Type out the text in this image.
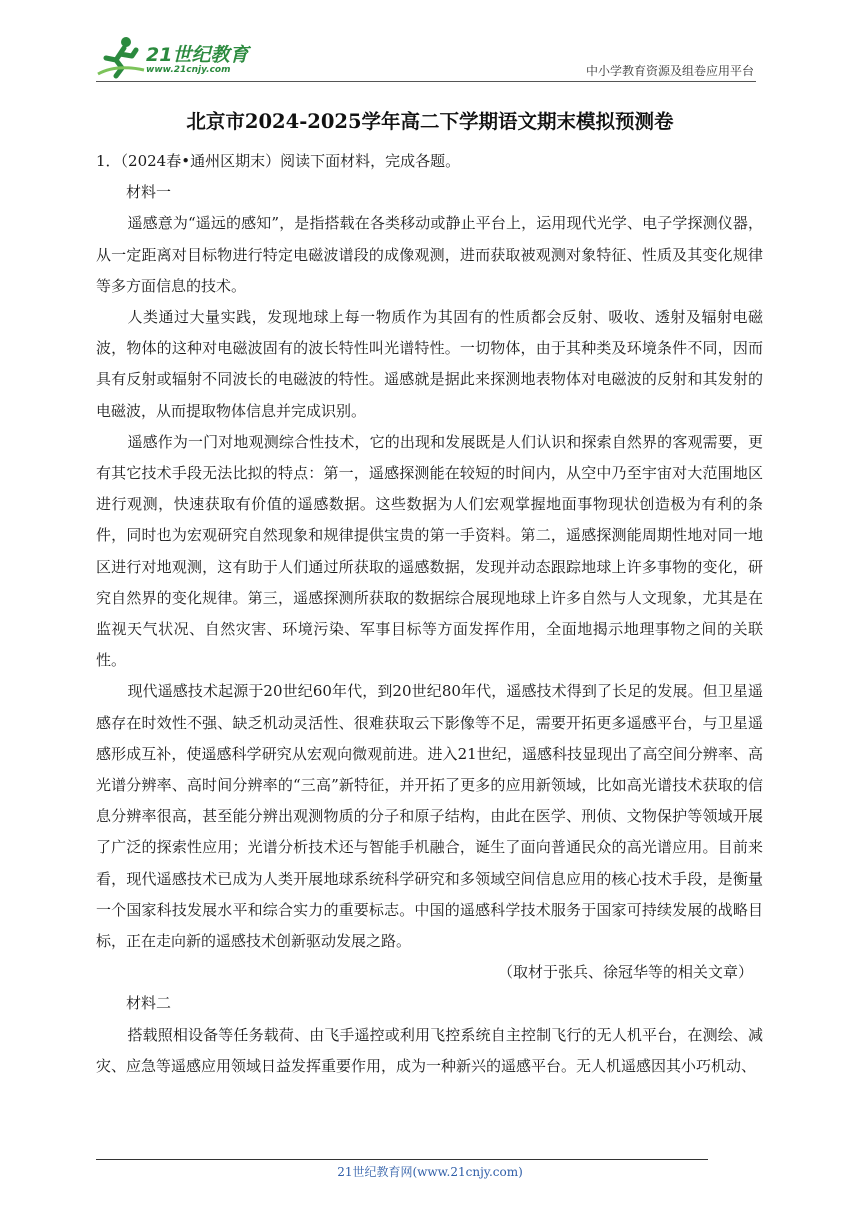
21世纪教育
www.21cnjy.com	中小学教育资源及组卷应用平台
北京市2024-2025学年高二下学期语文期末模拟预测卷

1．（2024春•通州区期末）阅读下面材料，完成各题。

材料一

遥感意为“遥远的感知”，是指搭载在各类移动或静止平台上，运用现代光学、电子学探测仪器，从一定距离对目标物进行特定电磁波谱段的成像观测，进而获取被观测对象特征、性质及其变化规律等多方面信息的技术。

人类通过大量实践，发现地球上每一物质作为其固有的性质都会反射、吸收、透射及辐射电磁波，物体的这种对电磁波固有的波长特性叫光谱特性。一切物体，由于其种类及环境条件不同，因而具有反射或辐射不同波长的电磁波的特性。遥感就是据此来探测地表物体对电磁波的反射和其发射的电磁波，从而提取物体信息并完成识别。

遥感作为一门对地观测综合性技术，它的出现和发展既是人们认识和探索自然界的客观需要，更有其它技术手段无法比拟的特点：第一，遥感探测能在较短的时间内，从空中乃至宇宙对大范围地区进行观测，快速获取有价值的遥感数据。这些数据为人们宏观掌握地面事物现状创造极为有利的条件，同时也为宏观研究自然现象和规律提供宝贵的第一手资料。第二，遥感探测能周期性地对同一地区进行对地观测，这有助于人们通过所获取的遥感数据，发现并动态跟踪地球上许多事物的变化，研究自然界的变化规律。第三，遥感探测所获取的数据综合展现地球上许多自然与人文现象，尤其是在监视天气状况、自然灾害、环境污染、军事目标等方面发挥作用，全面地揭示地理事物之间的关联性。

现代遥感技术起源于20世纪60年代，到20世纪80年代，遥感技术得到了长足的发展。但卫星遥感存在时效性不强、缺乏机动灵活性、很难获取云下影像等不足，需要开拓更多遥感平台，与卫星遥感形成互补，使遥感科学研究从宏观向微观前进。进入21世纪，遥感科技显现出了高空间分辨率、高光谱分辨率、高时间分辨率的“三高”新特征，并开拓了更多的应用新领域，比如高光谱技术获取的信息分辨率很高，甚至能分辨出观测物质的分子和原子结构，由此在医学、刑侦、文物保护等领域开展了广泛的探索性应用；光谱分析技术还与智能手机融合，诞生了面向普通民众的高光谱应用。目前来看，现代遥感技术已成为人类开展地球系统科学研究和多领域空间信息应用的核心技术手段，是衡量一个国家科技发展水平和综合实力的重要标志。中国的遥感科学技术服务于国家可持续发展的战略目标，正在走向新的遥感技术创新驱动发展之路。

（取材于张兵、徐冠华等的相关文章）

材料二

搭载照相设备等任务载荷、由飞手遥控或利用飞控系统自主控制飞行的无人机平台，在测绘、减灾、应急等遥感应用领域日益发挥重要作用，成为一种新兴的遥感平台。无人机遥感因其小巧机动、

21世纪教育网(www.21cnjy.com)
